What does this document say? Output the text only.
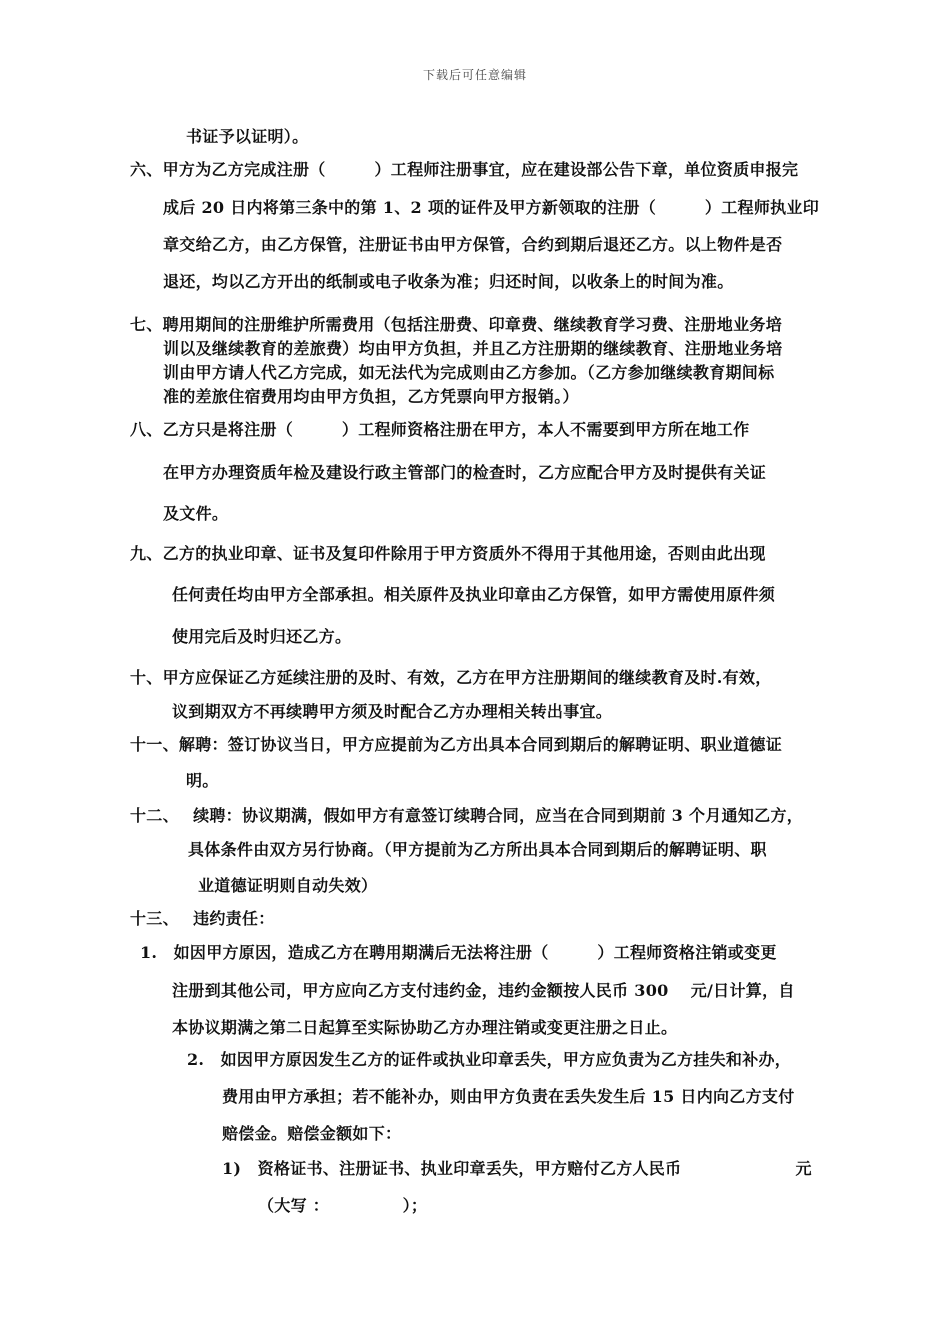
下载后可任意编辑
书证予以证明）。
六、甲方为乙方完成注册（　　　）工程师注册事宜，应在建设部公告下章，单位资质申报完
成后 20 日内将第三条中的第 1、2 项的证件及甲方新领取的注册（　　　）工程师执业印
章交给乙方，由乙方保管，注册证书由甲方保管，合约到期后退还乙方。以上物件是否
退还，均以乙方开出的纸制或电子收条为准；归还时间，以收条上的时间为准。
七、聘用期间的注册维护所需费用（包括注册费、印章费、继续教育学习费、注册地业务培
训以及继续教育的差旅费）均由甲方负担，并且乙方注册期的继续教育、注册地业务培
训由甲方请人代乙方完成，如无法代为完成则由乙方参加。（乙方参加继续教育期间标
准的差旅住宿费用均由甲方负担，乙方凭票向甲方报销。）
八、乙方只是将注册（　　　）工程师资格注册在甲方，本人不需要到甲方所在地工作
在甲方办理资质年检及建设行政主管部门的检查时，乙方应配合甲方及时提供有关证
及文件。
九、乙方的执业印章、证书及复印件除用于甲方资质外不得用于其他用途，否则由此出现
任何责任均由甲方全部承担。相关原件及执业印章由乙方保管，如甲方需使用原件须
使用完后及时归还乙方。
十、甲方应保证乙方延续注册的及时、有效，乙方在甲方注册期间的继续教育及时.有效，
议到期双方不再续聘甲方须及时配合乙方办理相关转出事宜。
十一、解聘：签订协议当日，甲方应提前为乙方出具本合同到期后的解聘证明、职业道德证
明。
十二、　 续聘：协议期满，假如甲方有意签订续聘合同，应当在合同到期前 3 个月通知乙方，
具体条件由双方另行协商。（甲方提前为乙方所出具本合同到期后的解聘证明、职
业道德证明则自动失效）
十三、　 违约责任：
1.　如因甲方原因，造成乙方在聘用期满后无法将注册（　　　）工程师资格注销或变更
注册到其他公司，甲方应向乙方支付违约金，违约金额按人民币 300　 元/日计算，自
本协议期满之第二日起算至实际协助乙方办理注销或变更注册之日止。
2.　如因甲方原因发生乙方的证件或执业印章丢失，甲方应负责为乙方挂失和补办，
费用由甲方承担；若不能补办，则由甲方负责在丢失发生后 15 日内向乙方支付
赔偿金。赔偿金额如下：
1)　资格证书、注册证书、执业印章丢失，甲方赔付乙方人民币　　　　　　　元
（大写 ：　　　　　）；
